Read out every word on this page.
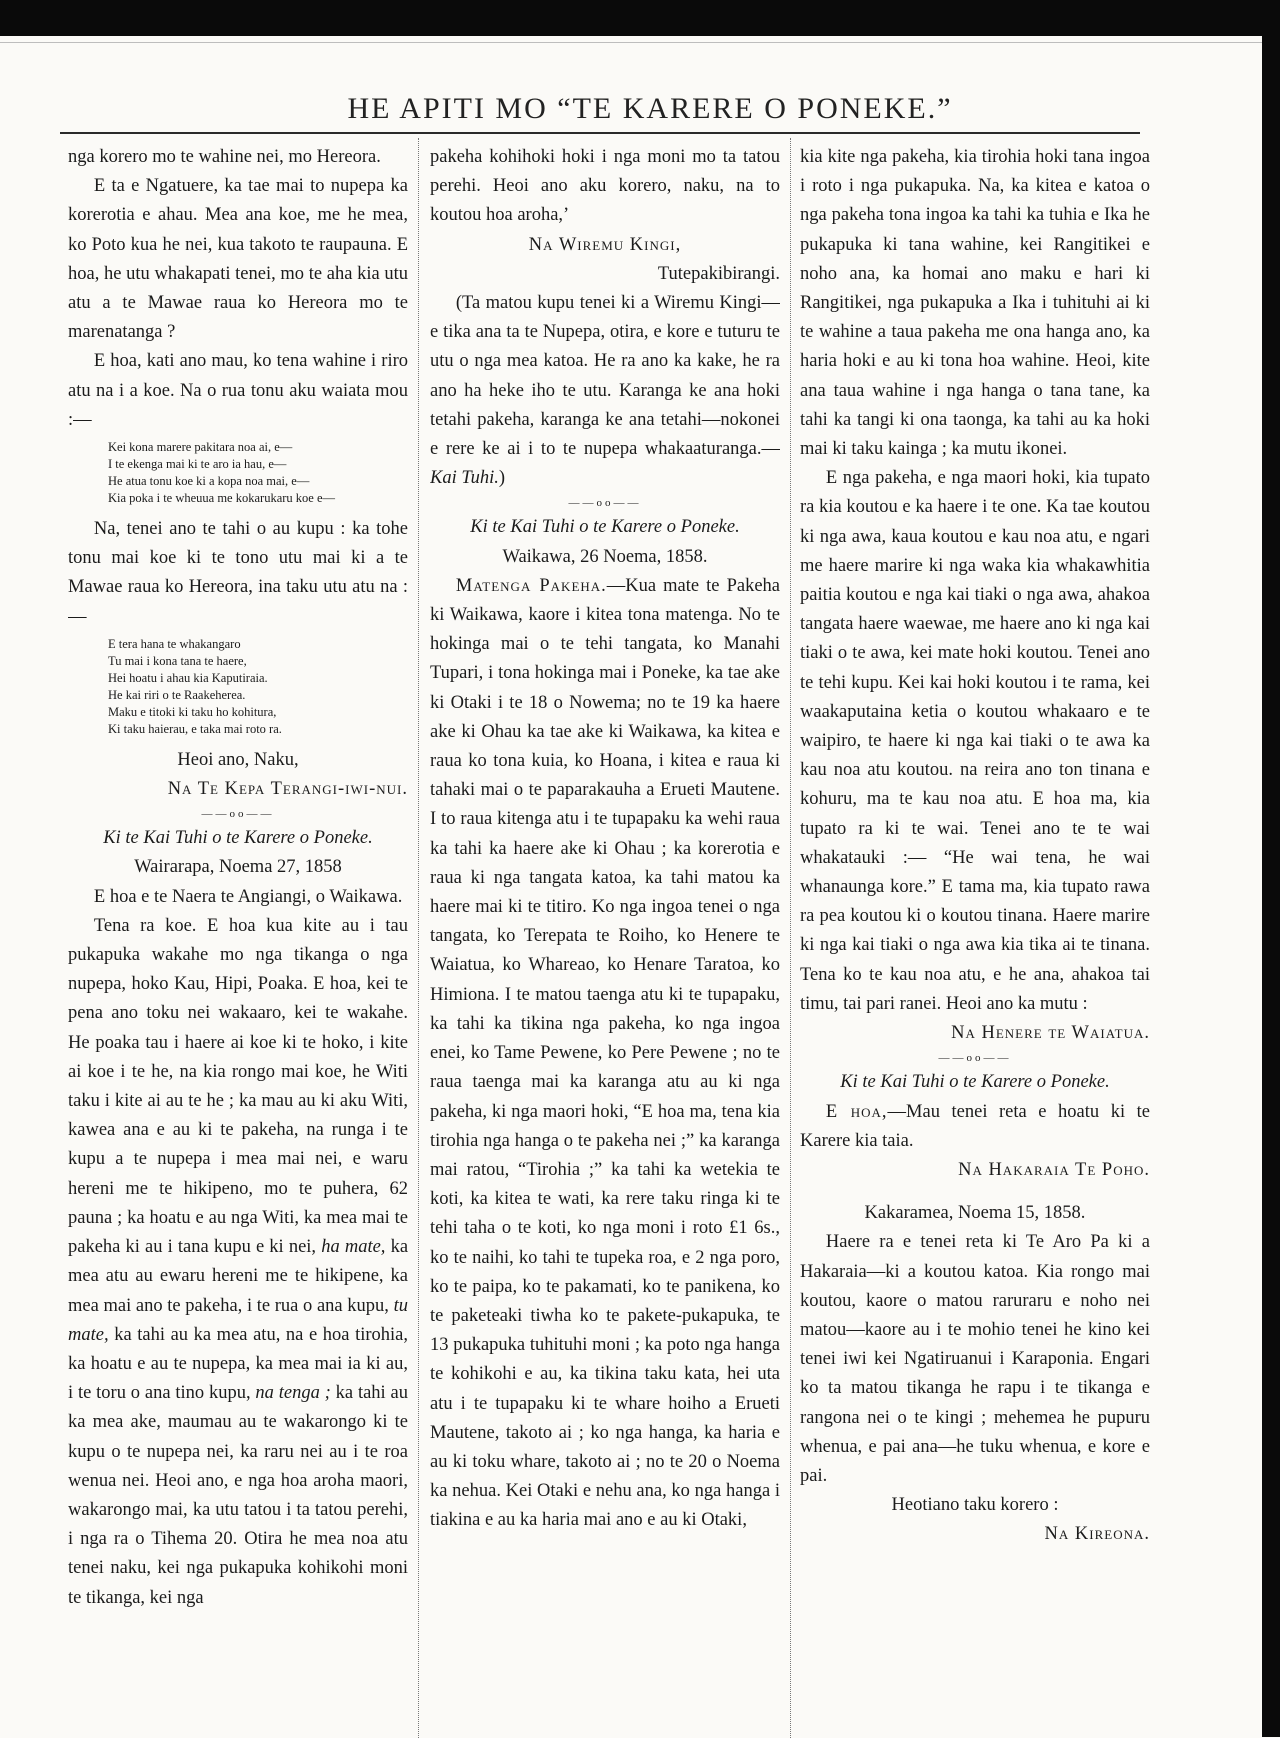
HE APITI MO “TE KARERE O PONEKE.”

nga korero mo te wahine nei, mo Hereora.

E ta e Ngatuere, ka tae mai to nupepa ka korerotia e ahau. Mea ana koe, me he mea, ko Poto kua he nei, kua takoto te raupauna. E hoa, he utu whakapati tenei, mo te aha kia utu atu a te Mawae raua ko Hereora mo te marenatanga ?

E hoa, kati ano mau, ko tena wahine i riro atu na i a koe. Na o rua tonu aku waiata mou :—

Kei kona marere pakitara noa ai, e—

I te ekenga mai ki te aro ia hau, e—

He atua tonu koe ki a kopa noa mai, e—

Kia poka i te wheuua me kokarukaru koe e—

Na, tenei ano te tahi o au kupu : ka tohe tonu mai koe ki te tono utu mai ki a te Mawae raua ko Hereora, ina taku utu atu na :—

E tera hana te whakangaro

Tu mai i kona tana te haere,

Hei hoatu i ahau kia Kaputiraia.

He kai riri o te Raakeherea.

Maku e titoki ki taku ho kohitura,

Ki taku haierau, e taka mai roto ra.

Heoi ano, Naku,

Na Te Kepa Terangi-iwi-nui.

——oo——

Ki te Kai Tuhi o te Karere o Poneke.

Wairarapa, Noema 27, 1858

E hoa e te Naera te Angiangi, o Waikawa.

Tena ra koe. E hoa kua kite au i tau pukapuka wakahe mo nga tikanga o nga nupepa, hoko Kau, Hipi, Poaka. E hoa, kei te pena ano toku nei wakaaro, kei te wakahe. He poaka tau i haere ai koe ki te hoko, i kite ai koe i te he, na kia rongo mai koe, he Witi taku i kite ai au te he ; ka mau au ki aku Witi, kawea ana e au ki te pakeha, na runga i te kupu a te nupepa i mea mai nei, e waru hereni me te hikipeno, mo te puhera, 62 pauna ; ka hoatu e au nga Witi, ka mea mai te pakeha ki au i tana kupu e ki nei, ha mate, ka mea atu au ewaru hereni me te hikipene, ka mea mai ano te pakeha, i te rua o ana kupu, tu mate, ka tahi au ka mea atu, na e hoa tirohia, ka hoatu e au te nupepa, ka mea mai ia ki au, i te toru o ana tino kupu, na tenga ; ka tahi au ka mea ake, maumau au te wakarongo ki te kupu o te nupepa nei, ka raru nei au i te roa wenua nei. Heoi ano, e nga hoa aroha maori, wakarongo mai, ka utu tatou i ta tatou perehi, i nga ra o Tihema 20. Otira he mea noa atu tenei naku, kei nga pukapuka kohikohi moni te tikanga, kei nga

pakeha kohihoki hoki i nga moni mo ta tatou perehi. Heoi ano aku korero, naku, na to koutou hoa aroha,’

Na Wiremu Kingi,

Tutepakibirangi.

(Ta matou kupu tenei ki a Wiremu Kingi—e tika ana ta te Nupepa, otira, e kore e tuturu te utu o nga mea katoa. He ra ano ka kake, he ra ano ha heke iho te utu. Karanga ke ana hoki tetahi pakeha, karanga ke ana tetahi—nokonei e rere ke ai i to te nupepa whakaaturanga.—Kai Tuhi.)

——oo——

Ki te Kai Tuhi o te Karere o Poneke.

Waikawa, 26 Noema, 1858.

Matenga Pakeha.—Kua mate te Pakeha ki Waikawa, kaore i kitea tona matenga. No te hokinga mai o te tehi tangata, ko Manahi Tupari, i tona hokinga mai i Poneke, ka tae ake ki Otaki i te 18 o Nowema; no te 19 ka haere ake ki Ohau ka tae ake ki Waikawa, ka kitea e raua ko tona kuia, ko Hoana, i kitea e raua ki tahaki mai o te paparakauha a Erueti Mautene. I to raua kitenga atu i te tupapaku ka wehi raua ka tahi ka haere ake ki Ohau ; ka korerotia e raua ki nga tangata katoa, ka tahi matou ka haere mai ki te titiro. Ko nga ingoa tenei o nga tangata, ko Terepata te Roiho, ko Henere te Waiatua, ko Whareao, ko Henare Taratoa, ko Himiona. I te matou taenga atu ki te tupapaku, ka tahi ka tikina nga pakeha, ko nga ingoa enei, ko Tame Pewene, ko Pere Pewene ; no te raua taenga mai ka karanga atu au ki nga pakeha, ki nga maori hoki, “E hoa ma, tena kia tirohia nga hanga o te pakeha nei ;” ka karanga mai ratou, “Tirohia ;” ka tahi ka wetekia te koti, ka kitea te wati, ka rere taku ringa ki te tehi taha o te koti, ko nga moni i roto £1 6s., ko te naihi, ko tahi te tupeka roa, e 2 nga poro, ko te paipa, ko te pakamati, ko te panikena, ko te paketeaki tiwha ko te pakete-pukapuka, te 13 pukapuka tuhituhi moni ; ka poto nga hanga te kohikohi e au, ka tikina taku kata, hei uta atu i te tupapaku ki te whare hoiho a Erueti Mautene, takoto ai ; ko nga hanga, ka haria e au ki toku whare, takoto ai ; no te 20 o Noema ka nehua. Kei Otaki e nehu ana, ko nga hanga i tiakina e au ka haria mai ano e au ki Otaki,

kia kite nga pakeha, kia tirohia hoki tana ingoa i roto i nga pukapuka. Na, ka kitea e katoa o nga pakeha tona ingoa ka tahi ka tuhia e Ika he pukapuka ki tana wahine, kei Rangitikei e noho ana, ka homai ano maku e hari ki Rangitikei, nga pukapuka a Ika i tuhituhi ai ki te wahine a taua pakeha me ona hanga ano, ka haria hoki e au ki tona hoa wahine. Heoi, kite ana taua wahine i nga hanga o tana tane, ka tahi ka tangi ki ona taonga, ka tahi au ka hoki mai ki taku kainga ; ka mutu ikonei.

E nga pakeha, e nga maori hoki, kia tupato ra kia koutou e ka haere i te one. Ka tae koutou ki nga awa, kaua koutou e kau noa atu, e ngari me haere marire ki nga waka kia whakawhitia paitia koutou e nga kai tiaki o nga awa, ahakoa tangata haere waewae, me haere ano ki nga kai tiaki o te awa, kei mate hoki koutou. Tenei ano te tehi kupu. Kei kai hoki koutou i te rama, kei waakaputaina ketia o koutou whakaaro e te waipiro, te haere ki nga kai tiaki o te awa ka kau noa atu koutou. na reira ano ton tinana e kohuru, ma te kau noa atu. E hoa ma, kia tupato ra ki te wai. Tenei ano te te wai whakatauki :— “He wai tena, he wai whanaunga kore.” E tama ma, kia tupato rawa ra pea koutou ki o koutou tinana. Haere marire ki nga kai tiaki o nga awa kia tika ai te tinana. Tena ko te kau noa atu, e he ana, ahakoa tai timu, tai pari ranei. Heoi ano ka mutu :

Na Henere te Waiatua.

——oo——

Ki te Kai Tuhi o te Karere o Poneke.

E hoa,—Mau tenei reta e hoatu ki te Karere kia taia.

Na Hakaraia Te Poho.

Kakaramea, Noema 15, 1858.

Haere ra e tenei reta ki Te Aro Pa ki a Hakaraia—ki a koutou katoa. Kia rongo mai koutou, kaore o matou raruraru e noho nei matou—kaore au i te mohio tenei he kino kei tenei iwi kei Ngatiruanui i Karaponia. Engari ko ta matou tikanga he rapu i te tikanga e rangona nei o te kingi ; mehemea he pupuru whenua, e pai ana—he tuku whenua, e kore e pai.

Heotiano taku korero :

Na Kireona.
